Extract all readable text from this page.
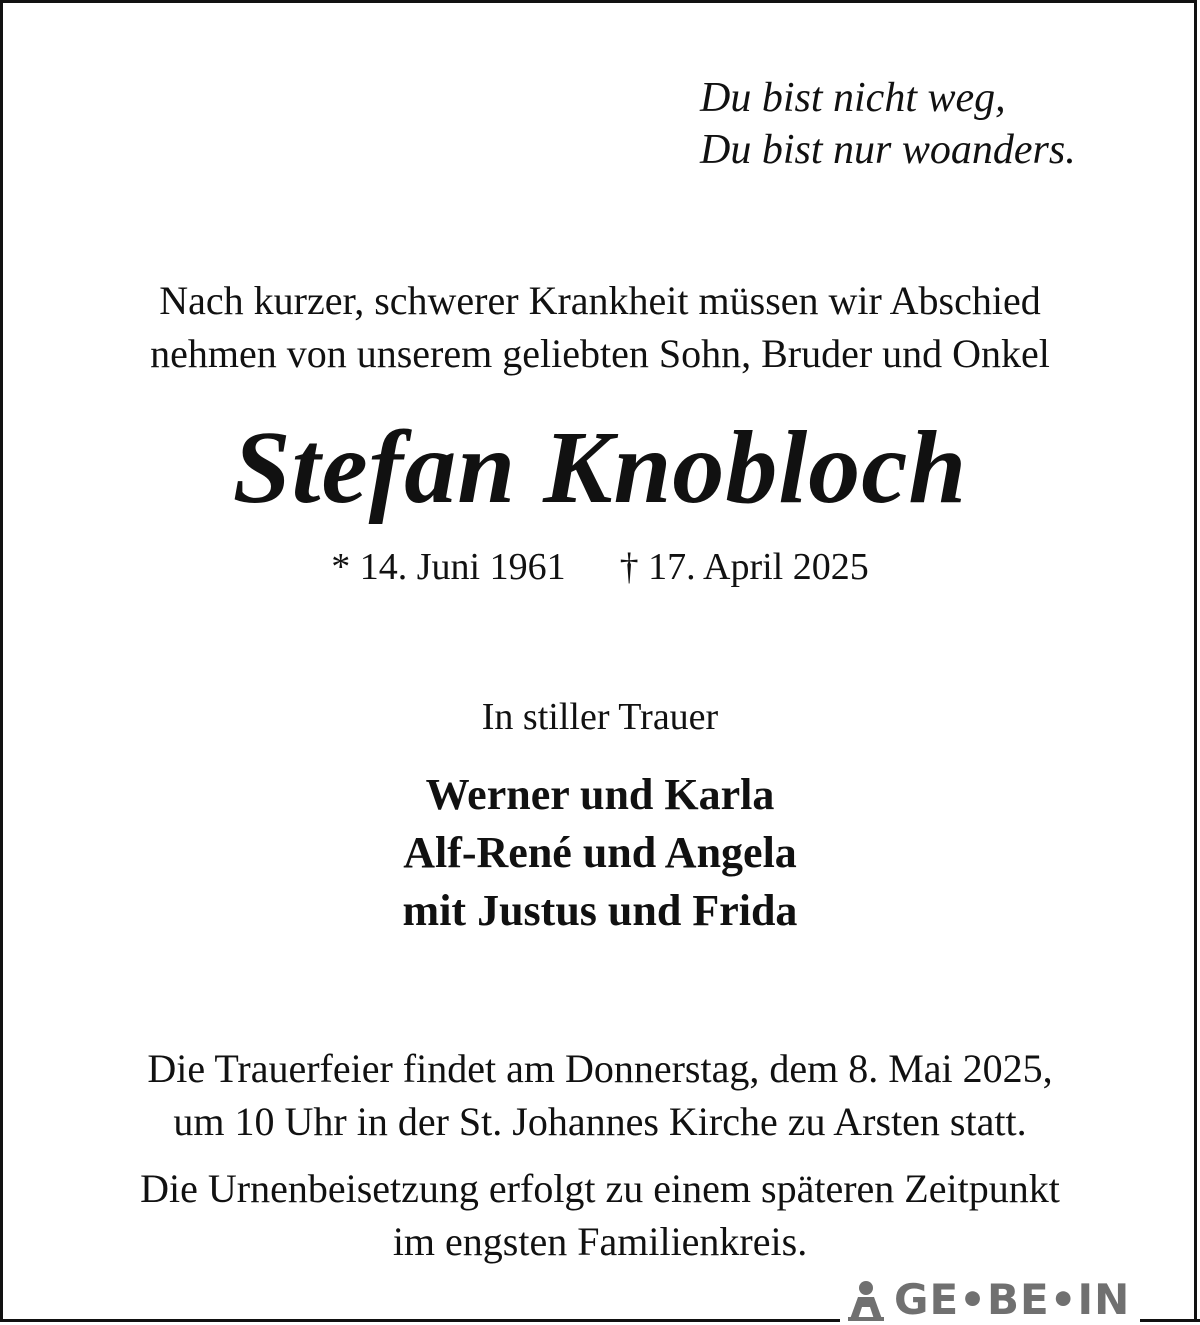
Du bist nicht weg,
Du bist nur woanders.
Nach kurzer, schwerer Krankheit müssen wir Abschied
nehmen von unserem geliebten Sohn, Bruder und Onkel
Stefan Knobloch
* 14. Juni 1961 † 17. April 2025
In stiller Trauer
Werner und Karla
Alf-René und Angela
mit Justus und Frida
Die Trauerfeier findet am Donnerstag, dem 8. Mai 2025,
um 10 Uhr in der St. Johannes Kirche zu Arsten statt.
Die Urnenbeisetzung erfolgt zu einem späteren Zeitpunkt
im engsten Familienkreis.
GE•BE•IN
